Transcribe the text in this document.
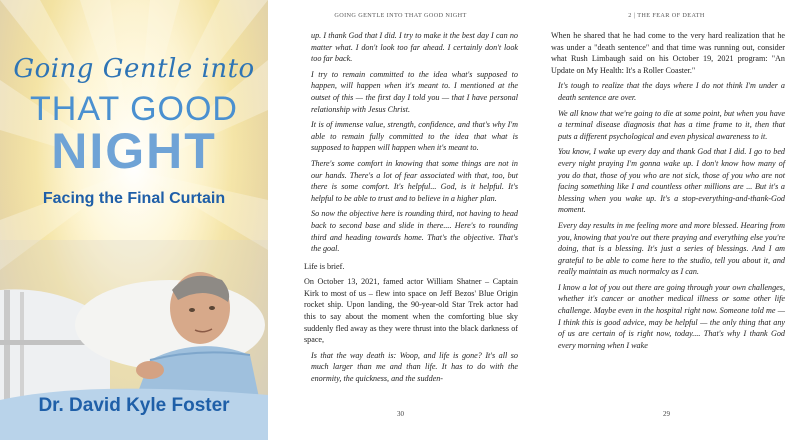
Going Gentle into
THAT GOOD
NIGHT
Facing the Final Curtain
Dr. David Kyle Foster
GOING GENTLE INTO THAT GOOD NIGHT

up. I thank God that I did. I try to make it the best day I can no matter what. I don't look too far ahead. I certainly don't look too far back.

I try to remain committed to the idea what's supposed to happen, will happen when it's meant to. I mentioned at the outset of this — the first day I told you — that I have personal relationship with Jesus Christ.

It is of immense value, strength, confidence, and that's why I'm able to remain fully committed to the idea that what is supposed to happen will happen when it's meant to.

There's some comfort in knowing that some things are not in our hands. There's a lot of fear associated with that, too, but there is some comfort. It's helpful... God, is it helpful. It's helpful to be able to trust and to believe in a higher plan.

So now the objective here is rounding third, not having to head back to second base and slide in there.... Here's to rounding third and heading towards home. That's the objective. That's the goal.

Life is brief.

On October 13, 2021, famed actor William Shatner – Captain Kirk to most of us – flew into space on Jeff Bezos' Blue Origin rocket ship. Upon landing, the 90-year-old Star Trek actor had this to say about the moment when the comforting blue sky suddenly fled away as they were thrust into the black darkness of space,

Is that the way death is: Woop, and life is gone? It's all so much larger than me and than life. It has to do with the enormity, the quickness, and the sudden-

30
2 | THE FEAR OF DEATH

When he shared that he had come to the very hard realization that he was under a "death sentence" and that time was running out, consider what Rush Limbaugh said on his October 19, 2021 program: "An Update on My Health: It's a Roller Coaster."

It's tough to realize that the days where I do not think I'm under a death sentence are over.

We all know that we're going to die at some point, but when you have a terminal disease diagnosis that has a time frame to it, then that puts a different psychological and even physical awareness to it.

You know, I wake up every day and thank God that I did. I go to bed every night praying I'm gonna wake up. I don't know how many of you do that, those of you who are not sick, those of you who are not facing something like I and countless other millions are ... But it's a blessing when you wake up. It's a stop-everything-and-thank-God moment.

Every day results in me feeling more and more blessed. Hearing from you, knowing that you're out there praying and everything else you're doing, that is a blessing. It's just a series of blessings. And I am grateful to be able to come here to the studio, tell you about it, and really maintain as much normalcy as I can.

I know a lot of you out there are going through your own challenges, whether it's cancer or another medical illness or some other life challenge. Maybe even in the hospital right now. Someone told me — I think this is good advice, may be helpful — the only thing that any of us are certain of is right now, today.... That's why I thank God every morning when I wake

29
